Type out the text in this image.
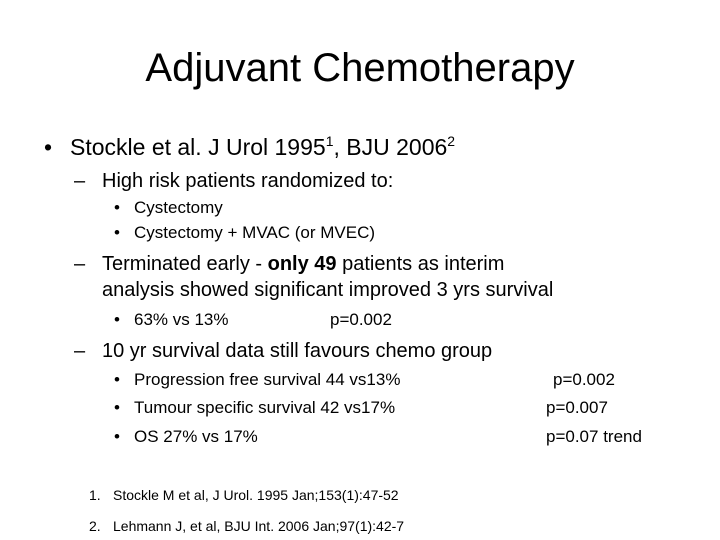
Adjuvant Chemotherapy
• Stockle et al. J Urol 1995$^1$, BJU 2006$^2$
– High risk patients randomized to:
• Cystectomy
• Cystectomy + MVAC (or MVEC)
– Terminated early - only 49 patients as interim
analysis showed significant improved 3 yrs survival
• 63% vs 13%	p=0.002
– 10 yr survival data still favours chemo group
• Progression free survival 44 vs13%	p=0.002
• Tumour specific survival 42 vs17%	p=0.007
• OS 27% vs 17%	p=0.07 trend
1. Stockle M et al, J Urol. 1995 Jan;153(1):47-52
2. Lehmann J, et al, BJU Int. 2006 Jan;97(1):42-7
